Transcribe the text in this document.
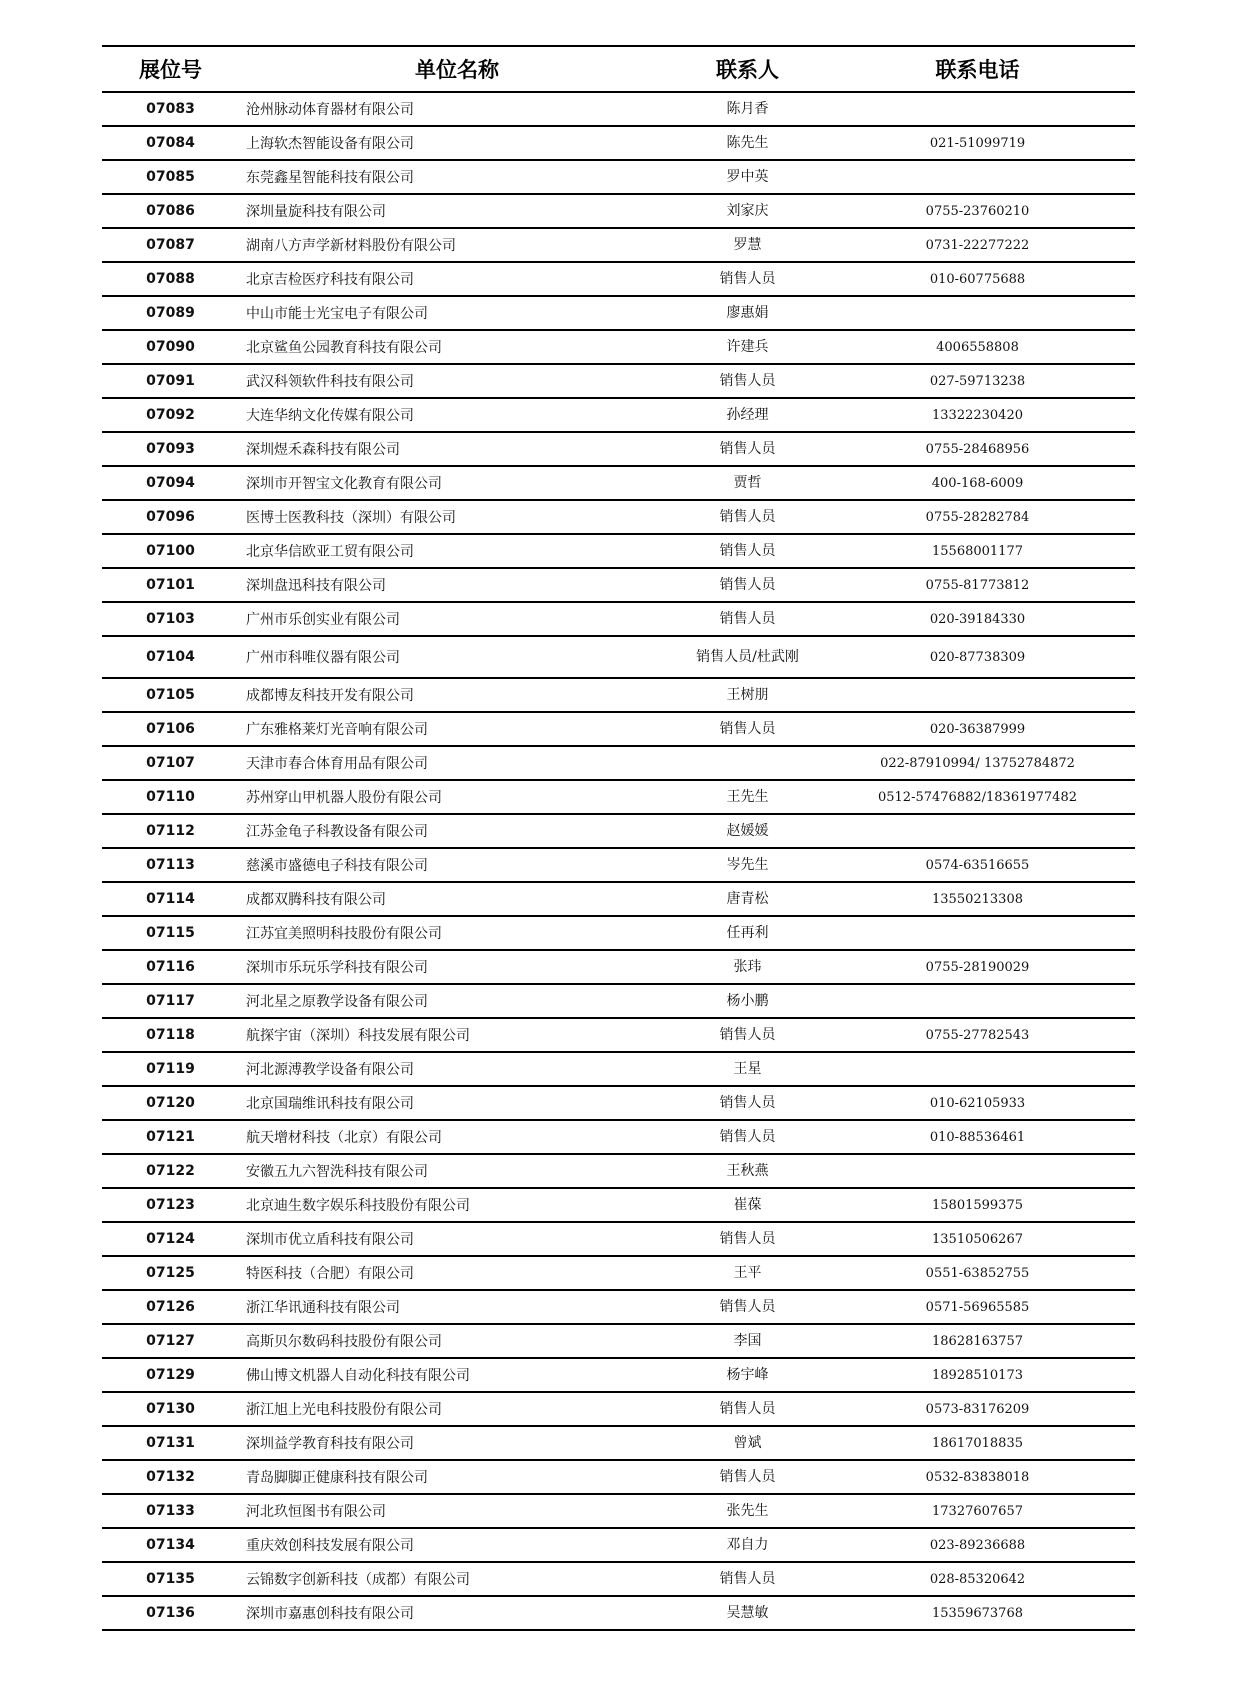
展位号	单位名称	联系人	联系电话
07083	沧州脉动体育器材有限公司	陈月香	
07084	上海软杰智能设备有限公司	陈先生	021-51099719
07085	东莞鑫星智能科技有限公司	罗中英	
07086	深圳量旋科技有限公司	刘家庆	0755-23760210
07087	湖南八方声学新材料股份有限公司	罗慧	0731-22277222
07088	北京吉检医疗科技有限公司	销售人员	010-60775688
07089	中山市能士光宝电子有限公司	廖惠娟	
07090	北京鲨鱼公园教育科技有限公司	许建兵	4006558808
07091	武汉科领软件科技有限公司	销售人员	027-59713238
07092	大连华纳文化传媒有限公司	孙经理	13322230420
07093	深圳煜禾森科技有限公司	销售人员	0755-28468956
07094	深圳市开智宝文化教育有限公司	贾哲	400-168-6009
07096	医博士医教科技（深圳）有限公司	销售人员	0755-28282784
07100	北京华信欧亚工贸有限公司	销售人员	15568001177
07101	深圳盘迅科技有限公司	销售人员	0755-81773812
07103	广州市乐创实业有限公司	销售人员	020-39184330
07104	广州市科唯仪器有限公司	销售人员/杜武刚	020-87738309
07105	成都博友科技开发有限公司	王树朋	
07106	广东雅格莱灯光音响有限公司	销售人员	020-36387999
07107	天津市春合体育用品有限公司		022-87910994/ 13752784872
07110	苏州穿山甲机器人股份有限公司	王先生	0512-57476882/18361977482
07112	江苏金龟子科教设备有限公司	赵媛媛	
07113	慈溪市盛德电子科技有限公司	岑先生	0574-63516655
07114	成都双腾科技有限公司	唐青松	13550213308
07115	江苏宜美照明科技股份有限公司	任再利	
07116	深圳市乐玩乐学科技有限公司	张玮	0755-28190029
07117	河北星之原教学设备有限公司	杨小鹏	
07118	航探宇宙（深圳）科技发展有限公司	销售人员	0755-27782543
07119	河北源溥教学设备有限公司	王星	
07120	北京国瑞维讯科技有限公司	销售人员	010-62105933
07121	航天增材科技（北京）有限公司	销售人员	010-88536461
07122	安徽五九六智洗科技有限公司	王秋燕	
07123	北京迪生数字娱乐科技股份有限公司	崔葆	15801599375
07124	深圳市优立盾科技有限公司	销售人员	13510506267
07125	特医科技（合肥）有限公司	王平	0551-63852755
07126	浙江华讯通科技有限公司	销售人员	0571-56965585
07127	高斯贝尔数码科技股份有限公司	李国	18628163757
07129	佛山博文机器人自动化科技有限公司	杨宇峰	18928510173
07130	浙江旭上光电科技股份有限公司	销售人员	0573-83176209
07131	深圳益学教育科技有限公司	曾斌	18617018835
07132	青岛脚脚正健康科技有限公司	销售人员	0532-83838018
07133	河北玖恒图书有限公司	张先生	17327607657
07134	重庆效创科技发展有限公司	邓自力	023-89236688
07135	云锦数字创新科技（成都）有限公司	销售人员	028-85320642
07136	深圳市嘉惠创科技有限公司	吴慧敏	15359673768
